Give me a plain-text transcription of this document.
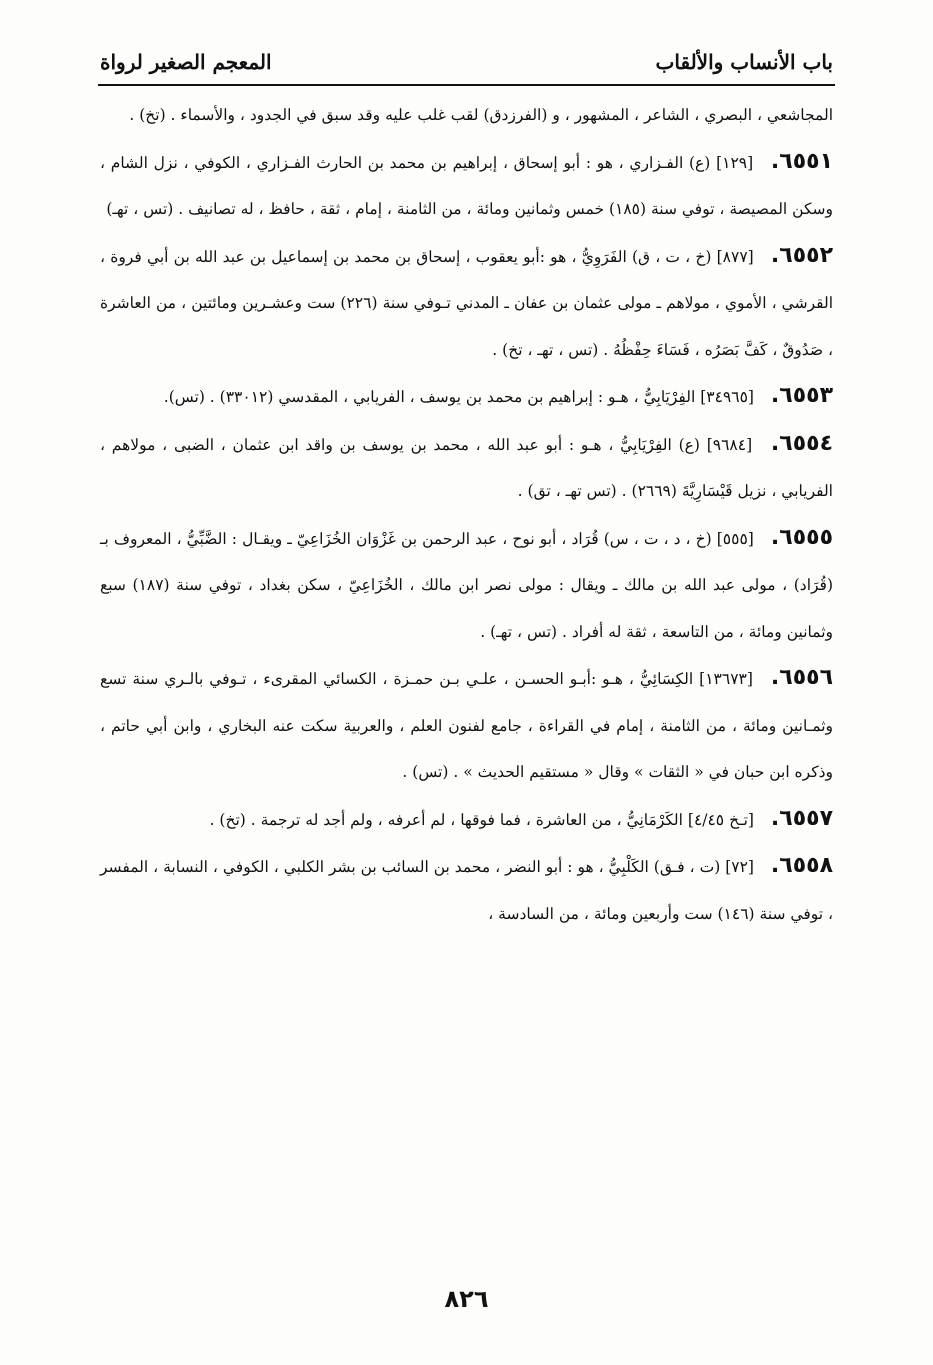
باب الأنساب والألقاب
المعجم الصغير لرواة

المجاشعي ، البصري ، الشاعر ، المشهور ، و (الفرزدق) لقب غلب عليه وقد سبق في الجدود ، والأسماء . (تخ) .

٦٥٥١. [١٢٩] (ع) الفـزاري ، هو : أبو إسحاق ، إبراهيم بن محمد بن الحارث الفـزاري ، الكوفي ، نزل الشام ، وسكن المصيصة ، توفي سنة (١٨٥) خمس وثمانين ومائة ، من الثامنة ، إمام ، ثقة ، حافظ ، له تصانيف . (تس ، تهـ)

٦٥٥٢. [٨٧٧] (خ ، ت ، ق) الفَرَوِيُّ ، هو :أبو يعقوب ، إسحاق بن محمد بن إسماعيل بن عبد الله بن أبي فروة ، القرشي ، الأموي ، مولاهم ـ مولى عثمان بن عفان ـ المدني تـوفي سنة (٢٢٦) ست وعشـرين ومائتين ، من العاشرة ، صَدُوقٌ ، كَفَّ بَصَرُه ، فَسَاءَ حِفْظُهُ . (تس ، تهـ ، تخ) .

٦٥٥٣. [٣٤٩٦٥] الفِرْيَابِيُّ ، هـو : إبراهيم بن محمد بن يوسف ، الفريابي ، المقدسي (٣٣٠١٢) . (تس).

٦٥٥٤. [٩٦٨٤] (ع) الفِرْيَابِيُّ ، هـو : أبو عبد الله ، محمد بن يوسف بن واقد ابن عثمان ، الضبى ، مولاهم ، الفريابي ، نزيل قَيْسَارِيَّةَ (٢٦٦٩) . (تس تهـ ، تق) .

٦٥٥٥. [٥٥٥] (خ ، د ، ت ، س) قُرَاد ، أبو نوح ، عبد الرحمن بن غَزْوَان الخُزَاعِيّ ـ ويقـال : الضَّبِّيُّ ، المعروف بـ (قُرَاد) ، مولى عبد الله بن مالك ـ ويقال : مولى نصر ابن مالك ، الخُزَاعِيّ ، سكن بغداد ، توفي سنة (١٨٧) سبع وثمانين ومائة ، من التاسعة ، ثقة له أفراد . (تس ، تهـ) .

٦٥٥٦. [١٣٦٧٣] الكِسَائِيُّ ، هـو :أبـو الحسـن ، علـي بـن حمـزة ، الكسائي المقرىء ، تـوفي بالـري سنة تسع وثمـانين ومائة ، من الثامنة ، إمام في القراءة ، جامع لفنون العلم ، والعربية سكت عنه البخاري ، وابن أبي حاتم ، وذكره ابن حبان في « الثقات » وقال « مستقيم الحديث » . (تس) .

٦٥٥٧. [تـخ ٤/٤٥] الكَرْمَانِيُّ ، من العاشرة ، فما فوقها ، لم أعرفه ، ولم أجد له ترجمة . (تخ) .

٦٥٥٨. [٧٢] (ت ، فـق) الكَلْبِيُّ ، هو : أبو النضر ، محمد بن السائب بن بشر الكلبي ، الكوفي ، النسابة ، المفسر ، توفي سنة (١٤٦) ست وأربعين ومائة ، من السادسة ،

٨٢٦
